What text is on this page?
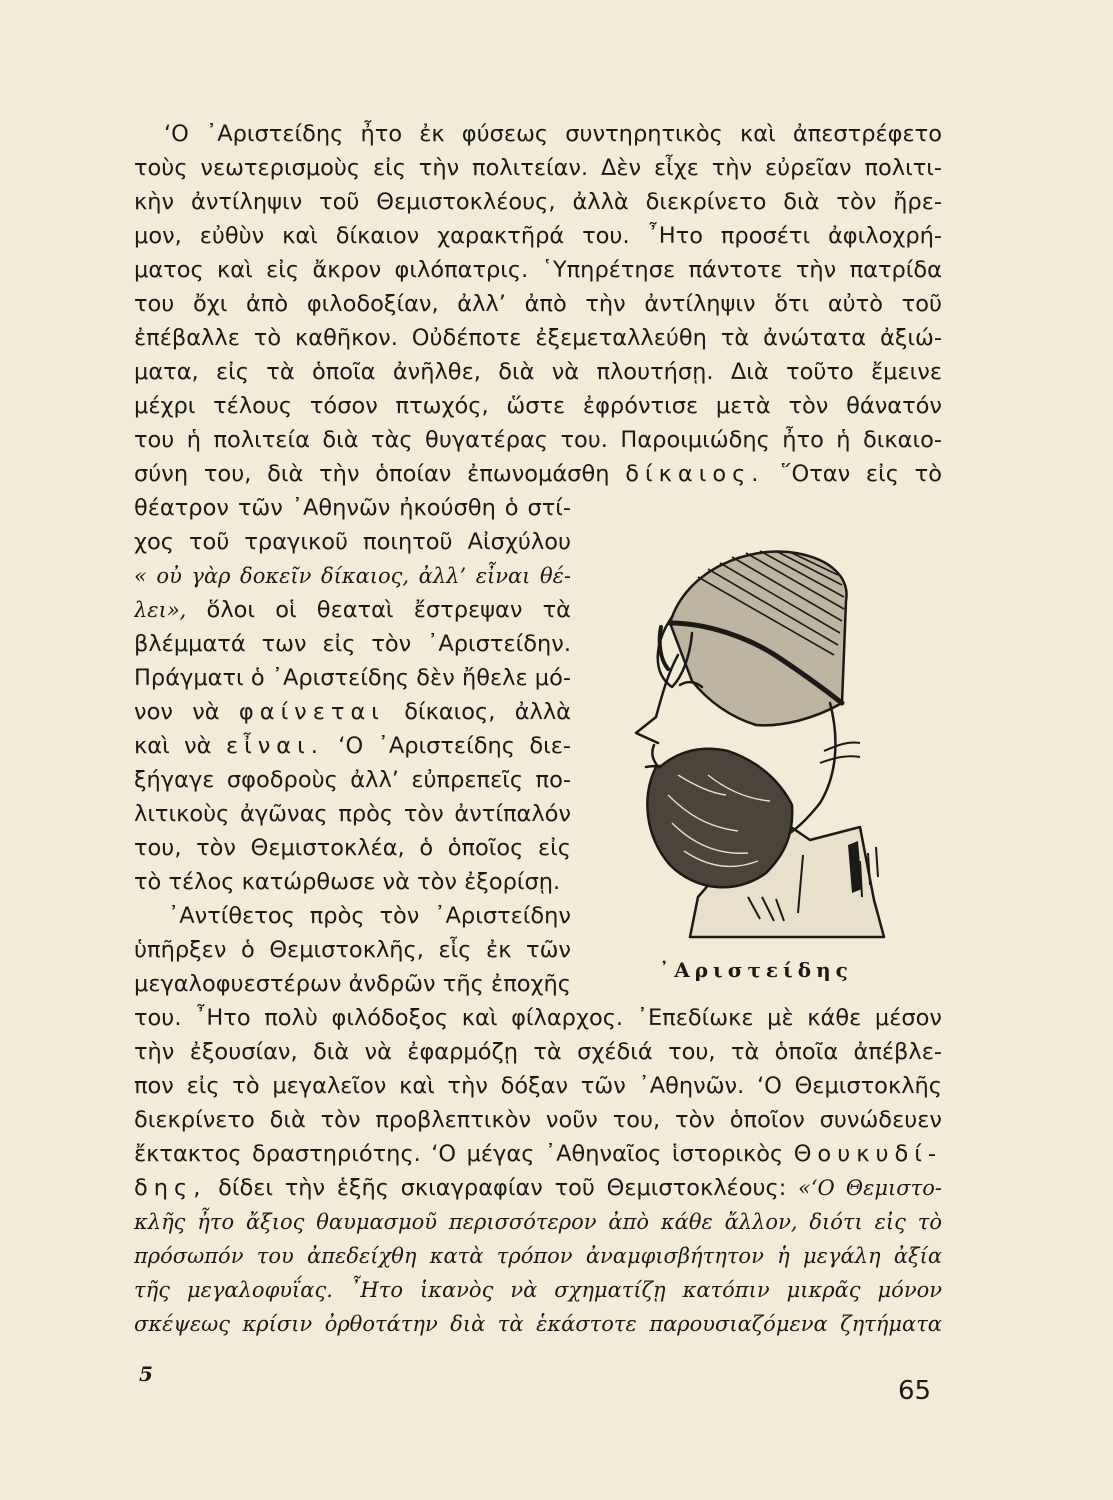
‘Ο ᾿Αριστείδης ἦτο ἐκ φύσεως συντηρητικὸς καὶ ἀπεστρέφετο
τοὺς νεωτερισμοὺς εἰς τὴν πολιτείαν. Δὲν εἶχε τὴν εὐρεῖαν πολιτι-
κὴν ἀντίληψιν τοῦ Θεμιστοκλέους, ἀλλὰ διεκρίνετο διὰ τὸν ἤρε-
μον, εὐθὺν καὶ δίκαιον χαρακτῆρά του. ῏Ητο προσέτι ἀφιλοχρή-
ματος καὶ εἰς ἄκρον φιλόπατρις. ῾Υπηρέτησε πάντοτε τὴν πατρίδα
του ὄχι ἀπὸ φιλοδοξίαν, ἀλλ’ ἀπὸ τὴν ἀντίληψιν ὅτι αὐτὸ τοῦ
ἐπέβαλλε τὸ καθῆκον. Οὐδέποτε ἐξεμεταλλεύθη τὰ ἀνώτατα ἀξιώ-
ματα, εἰς τὰ ὁποῖα ἀνῆλθε, διὰ νὰ πλουτήσῃ. Διὰ τοῦτο ἔμεινε
μέχρι τέλους τόσον πτωχός, ὥστε ἐφρόντισε μετὰ τὸν θάνατόν
του ἡ πολιτεία διὰ τὰς θυγατέρας του. Παροιμιώδης ἦτο ἡ δικαιο-
σύνη του, διὰ τὴν ὁποίαν ἐπωνομάσθη δίκαιος. ῞Οταν εἰς τὸ
θέατρον τῶν ᾿Αθηνῶν ἠκούσθη ὁ στί-
χος τοῦ τραγικοῦ ποιητοῦ Αἰσχύλου
« οὐ γὰρ δοκεῖν δίκαιος, ἀλλ’ εἶναι θέ-
λει», ὅλοι οἱ θεαταὶ ἔστρεψαν τὰ
βλέμματά των εἰς τὸν ᾿Αριστείδην.
Πράγματι ὁ ᾿Αριστείδης δὲν ἤθελε μό-
νον νὰ φαίνεται δίκαιος, ἀλλὰ
καὶ νὰ εἶναι. ‘Ο ᾿Αριστείδης διε-
ξήγαγε σφοδροὺς ἀλλ’ εὐπρεπεῖς πο-
λιτικοὺς ἀγῶνας πρὸς τὸν ἀντίπαλόν
του, τὸν Θεμιστοκλέα, ὁ ὁποῖος εἰς
τὸ τέλος κατώρθωσε νὰ τὸν ἐξορίσῃ.
᾿Αντίθετος πρὸς τὸν ᾿Αριστείδην
ὑπῆρξεν ὁ Θεμιστοκλῆς, εἷς ἐκ τῶν
μεγαλοφυεστέρων ἀνδρῶν τῆς ἐποχῆς
του. ῏Ητο πολὺ φιλόδοξος καὶ φίλαρχος. ᾿Επεδίωκε μὲ κάθε μέσον
τὴν ἐξουσίαν, διὰ νὰ ἐφαρμόζῃ τὰ σχέδιά του, τὰ ὁποῖα ἀπέβλε-
πον εἰς τὸ μεγαλεῖον καὶ τὴν δόξαν τῶν ᾿Αθηνῶν. ‘Ο Θεμιστοκλῆς
διεκρίνετο διὰ τὸν προβλεπτικὸν νοῦν του, τὸν ὁποῖον συνώδευεν
ἔκτακτος δραστηριότης. ‘Ο μέγας ᾿Αθηναῖος ἱστορικὸς Θουκυδί-
δης, δίδει τὴν ἑξῆς σκιαγραφίαν τοῦ Θεμιστοκλέους: «‘Ο Θεμιστο-
κλῆς ἦτο ἄξιος θαυμασμοῦ περισσότερον ἀπὸ κάθε ἄλλον, διότι εἰς τὸ
πρόσωπόν του ἀπεδείχθη κατὰ τρόπον ἀναμφισβήτητον ἡ μεγάλη ἀξία
τῆς μεγαλοφυΐας. ῏Ητο ἱκανὸς νὰ σχηματίζῃ κατόπιν μικρᾶς μόνον
σκέψεως κρίσιν ὀρθοτάτην διὰ τὰ ἑκάστοτε παρουσιαζόμενα ζητήματα
᾿Αριστείδης
5
65
